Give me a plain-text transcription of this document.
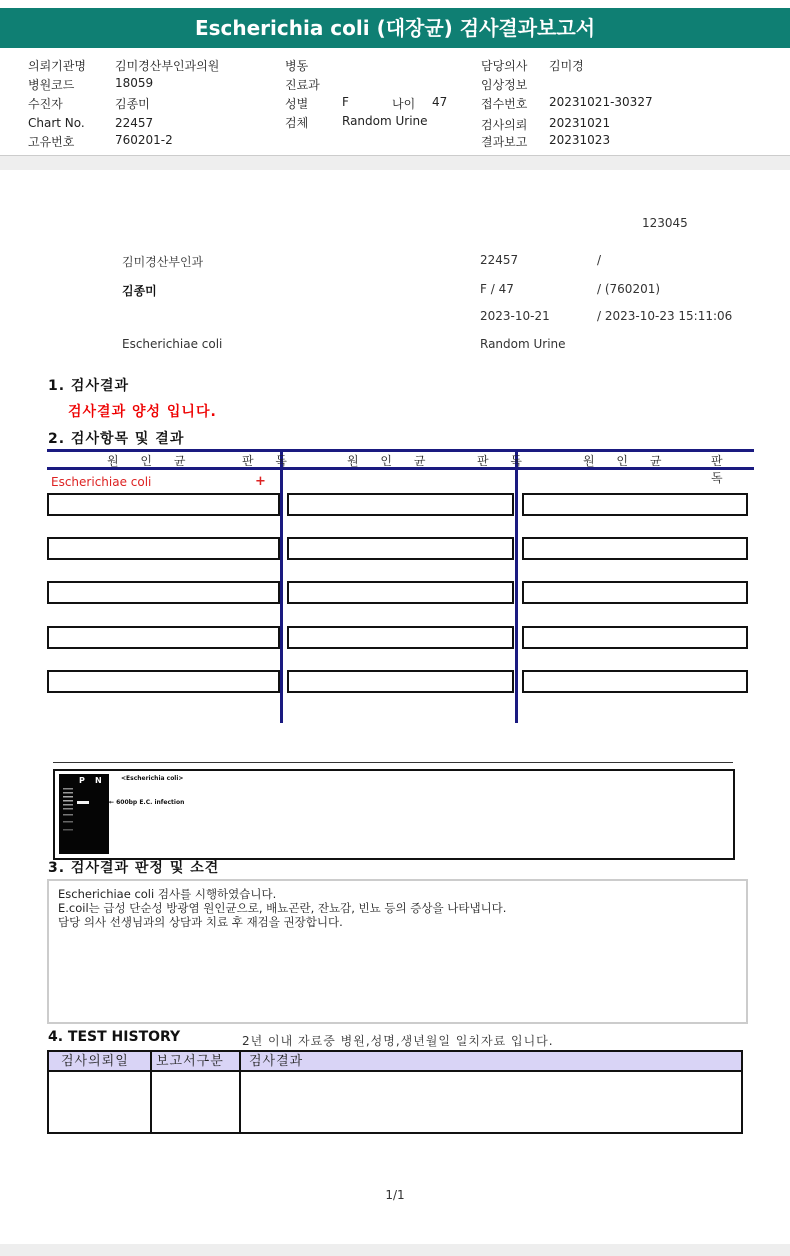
Escherichia coli (대장균) 검사결과보고서
의뢰기관명 김미경산부인과의원
병원코드	18059
수진자	김종미
Chart No.	22457
고유번호	760201-2
병동
진료과
성별	F	나이 47
검체	Random Urine
담당의사 김미경
임상정보
접수번호 20231021-30327
검사의뢰 20231021
결과보고 20231023
123045
김미경산부인과	22457	/
김종미	F / 47	/ (760201)
2023-10-21	/ 2023-10-23 15:11:06
Escherichiae coli	Random Urine
1. 검사결과
검사결과 양성 입니다.
2. 검사항목 및 결과
원 인 균	판 독	원 인 균	판 독	원 인 균	판 독
Escherichiae coli	+
P N	<Escherichia coli>
← 600bp E.C. infection
3. 검사결과 판정 및 소견
Escherichiae coli 검사를 시행하였습니다.
E.coil는 급성 단순성 방광염 원인균으로, 배뇨곤란, 잔뇨감, 빈뇨 등의 증상을 나타냅니다.
담당 의사 선생님과의 상담과 치료 후 재검을 권장합니다.
4. TEST HISTORY	2년 이내 자료중 병원,성명,생년월일 일치자료 입니다.
검사의뢰일	보고서구분	검사결과
1/1
